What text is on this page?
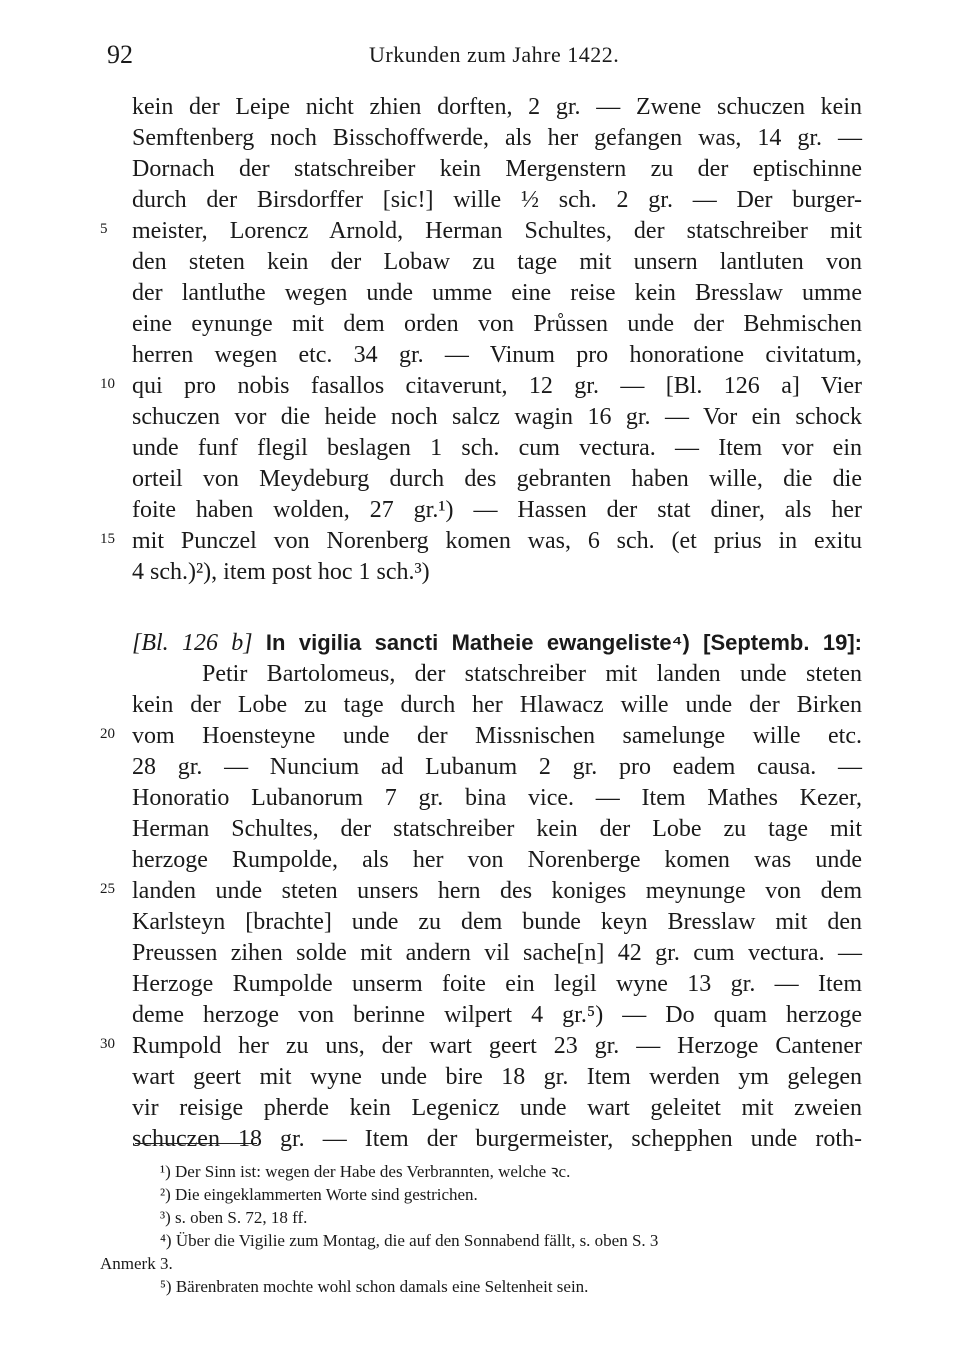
92	Urkunden zum Jahre 1422.
kein der Leipe nicht zhien dorften, 2 gr. — Zwene schuczen kein
Semftenberg noch Bisschoffwerde, als her gefangen was, 14 gr. —
Dornach der statschreiber kein Mergenstern zu der eptischinne
durch der Birsdorffer [sic!] wille ½ sch. 2 gr. — Der burger-
5 meister, Lorencz Arnold, Herman Schultes, der statschreiber mit
den steten kein der Lobaw zu tage mit unsern lantluten von
der lantluthe wegen unde umme eine reise kein Bresslaw umme
eine eynunge mit dem orden von Průssen unde der Behmischen
herren wegen etc. 34 gr. — Vinum pro honoratione civitatum,
10 qui pro nobis fasallos citaverunt, 12 gr. — [Bl. 126 a] Vier
schuczen vor die heide noch salcz wagin 16 gr. — Vor ein schock
unde funf flegil beslagen 1 sch. cum vectura. — Item vor ein
orteil von Meydeburg durch des gebranten haben wille, die die
foite haben wolden, 27 gr.¹) — Hassen der stat diner, als her
15 mit Punczel von Norenberg komen was, 6 sch. (et prius in exitu
4 sch.)²), item post hoc 1 sch.³)
[Bl. 126 b] In vigilia sancti Matheie ewangeliste⁴) [Septemb. 19]:
Petir Bartolomeus, der statschreiber mit landen unde steten
kein der Lobe zu tage durch her Hlawacz wille unde der Birken
20 vom Hoensteyne unde der Missnischen samelunge wille etc.
28 gr. — Nuncium ad Lubanum 2 gr. pro eadem causa. —
Honoratio Lubanorum 7 gr. bina vice. — Item Mathes Kezer,
Herman Schultes, der statschreiber kein der Lobe zu tage mit
herzoge Rumpolde, als her von Norenberge komen was unde
25 landen unde steten unsers hern des koniges meynunge von dem
Karlsteyn [brachte] unde zu dem bunde keyn Bresslaw mit den
Preussen zihen solde mit andern vil sache[n] 42 gr. cum vectura. —
Herzoge Rumpolde unserm foite ein legil wyne 13 gr. — Item
deme herzoge von berinne wilpert 4 gr.⁵) — Do quam herzoge
30 Rumpold her zu uns, der wart geert 23 gr. — Herzoge Cantener
wart geert mit wyne unde bire 18 gr. Item werden ym gelegen
vir reisige pherde kein Legenicz unde wart geleitet mit zweien
schuczen 18 gr. — Item der burgermeister, schepphen unde roth-
¹) Der Sinn ist: wegen der Habe des Verbrannten, welche ꝛc.
²) Die eingeklammerten Worte sind gestrichen.
³) s. oben S. 72, 18 ff.
⁴) Über die Vigilie zum Montag, die auf den Sonnabend fällt, s. oben S. 3
Anmerk 3.
⁵) Bärenbraten mochte wohl schon damals eine Seltenheit sein.
